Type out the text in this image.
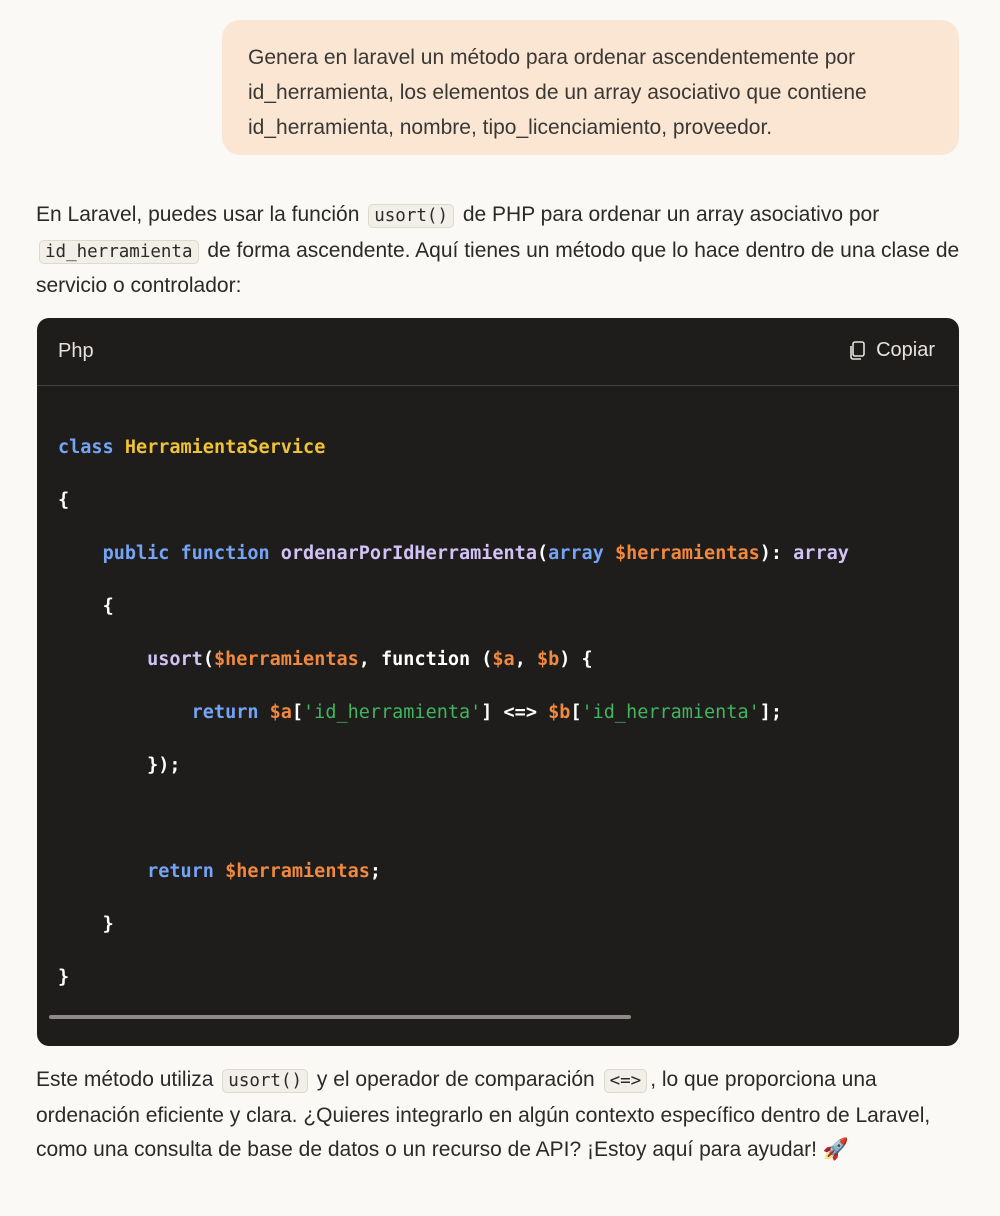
Genera en laravel un método para ordenar ascendentemente por
id_herramienta, los elementos de un array asociativo que contiene
id_herramienta, nombre, tipo_licenciamiento, proveedor.
En Laravel, puedes usar la función usort() de PHP para ordenar un array asociativo por id_herramienta de forma ascendente. Aquí tienes un método que lo hace dentro de una clase de servicio o controlador:
Php	Copiar

class HerramientaService

{

public function ordenarPorIdHerramienta(array $herramientas): array

{

usort($herramientas, function ($a, $b) {

return $a['id_herramienta'] <=> $b['id_herramienta'];

});

return $herramientas;

}

}

Este método utiliza usort() y el operador de comparación <=> , lo que proporciona una ordenación eficiente y clara. ¿Quieres integrarlo en algún contexto específico dentro de Laravel, como una consulta de base de datos o un recurso de API? ¡Estoy aquí para ayudar! 🚀
